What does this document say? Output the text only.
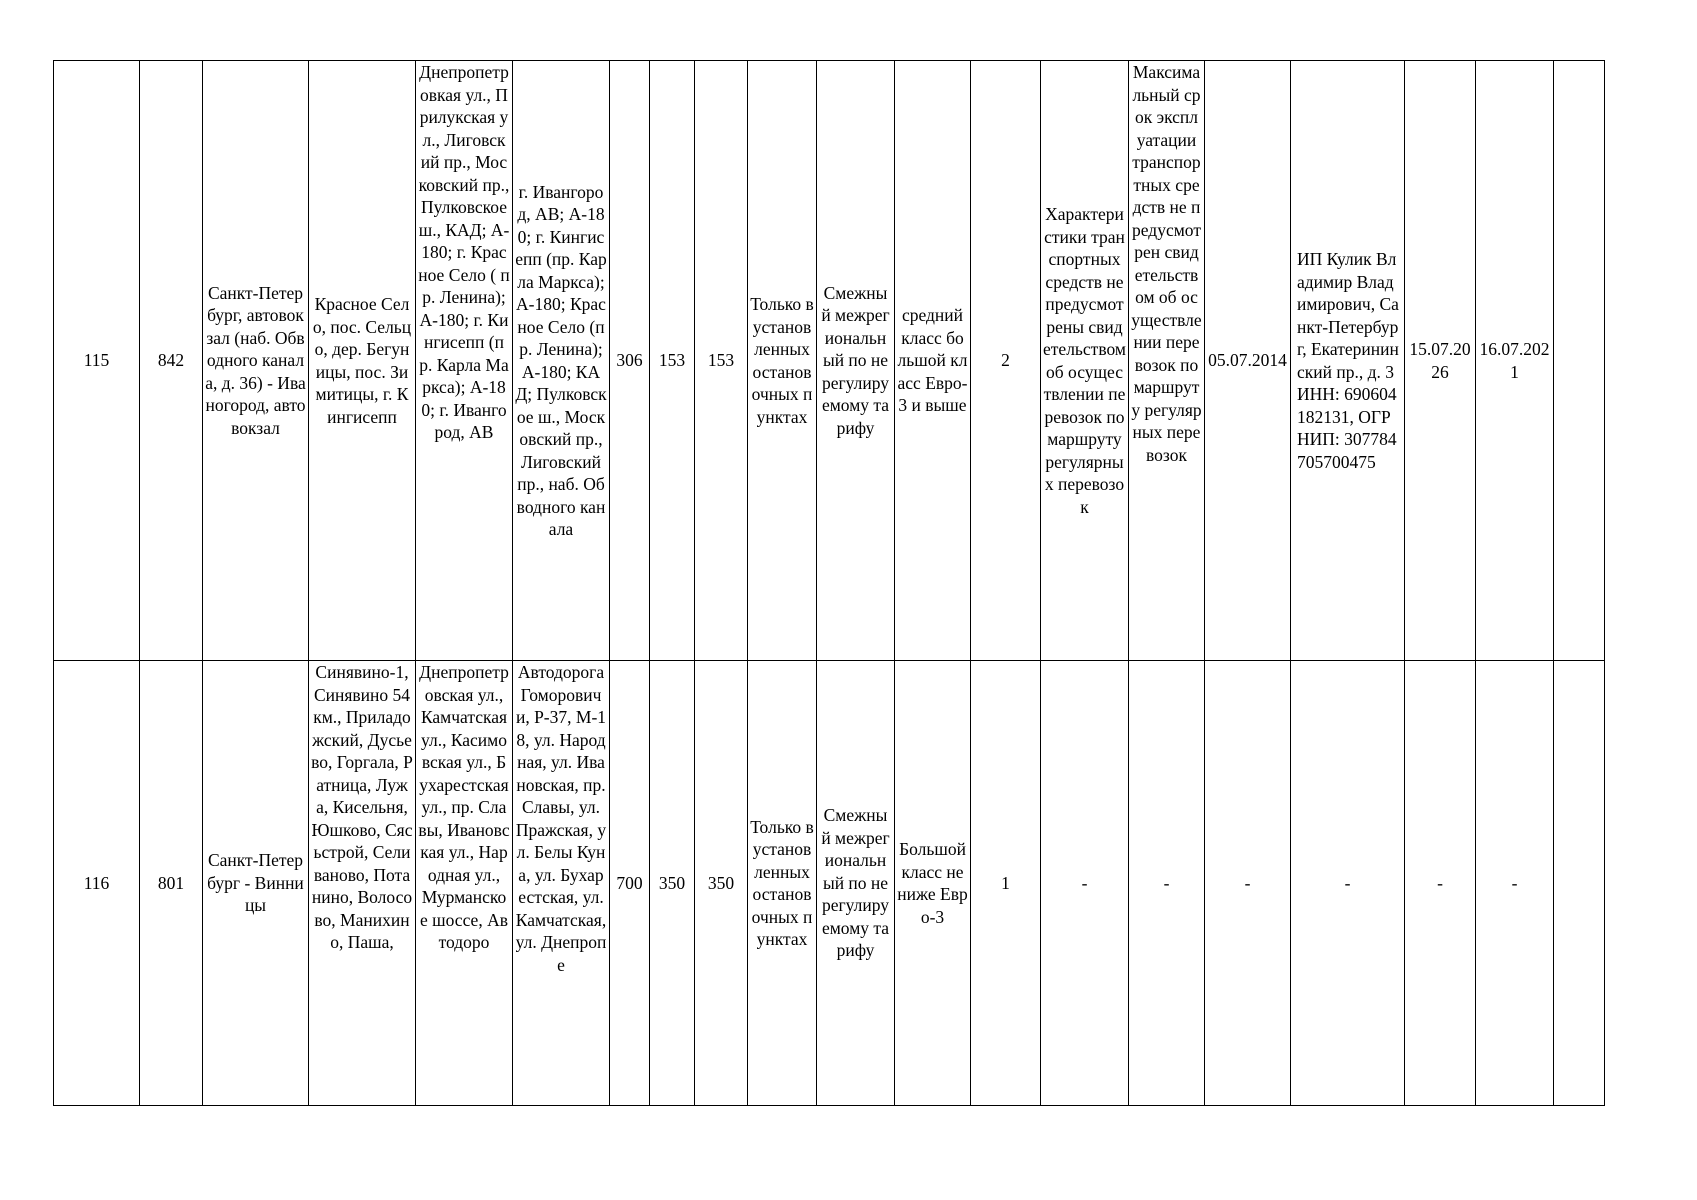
115	842	Санкт-Петербург, автовокзал (наб. Обводного канала, д. 36) - Иваногород, автовокзал	Красное Село, пос. Сельцо, дер. Бегуницы, пос. Зимитицы, г. Кингисепп	Днепропетровкая ул., Прилукская ул., Лиговский пр., Московский пр., Пулковское ш., КАД; А-180; г. Красное Село ( пр. Ленина); А-180; г. Кингисепп (пр. Карла Маркса); А-180; г. Ивангород, АВ	г. Ивангород, АВ; А-180; г. Кингисепп (пр. Карла Маркса); А-180; Красное Село (пр. Ленина); А-180; КАД; Пулковское ш., Московский пр., Лиговский пр., наб. Обводного канала	306	153	153	Только в установленных остановочных пунктах	Смежный межрегиональный по нерегулируемому тарифу	средний класс большой класс Евро-3 и выше	2	Характеристики транспортных средств не предусмотрены свидетельством об осуществлении перевозок по маршруту регулярных перевозок	Максимальный срок эксплуатации транспортных средств не предусмотрен свидетельством об осуществлении перевозок по маршруту регулярных перевозок	05.07.2014	ИП Кулик Владимир Владимирович, Санкт-Петербург, Екатерининский пр., д. 3 ИНН: 690604182131, ОГРНИП: 307784705700475	15.07.2026	16.07.2021	
116	801	Санкт-Петербург - Винницы	Синявино-1, Синявино 54 км., Приладожский, Дусьево, Горгала, Ратница, Лужа, Кисельня, Юшково, Сясьстрой, Селиваново, Потанино, Волосово, Манихино, Паша,	Днепропетровская ул., Камчатская ул., Касимовская ул., Бухарестская ул., пр. Славы, Ивановская ул., Народная ул., Мурманское шоссе, Автодоро	Автодорога Гоморовичи, Р-37, М-18, ул. Народная, ул. Ивановская, пр. Славы, ул. Пражская, ул. Белы Куна, ул. Бухарестская, ул. Камчатская, ул. Днепропе	700	350	350	Только в установленных остановочных пунктах	Смежный межрегиональный по нерегулируемому тарифу	Большой класс не ниже Евро-3	1	-	-	-	-	-	-	
